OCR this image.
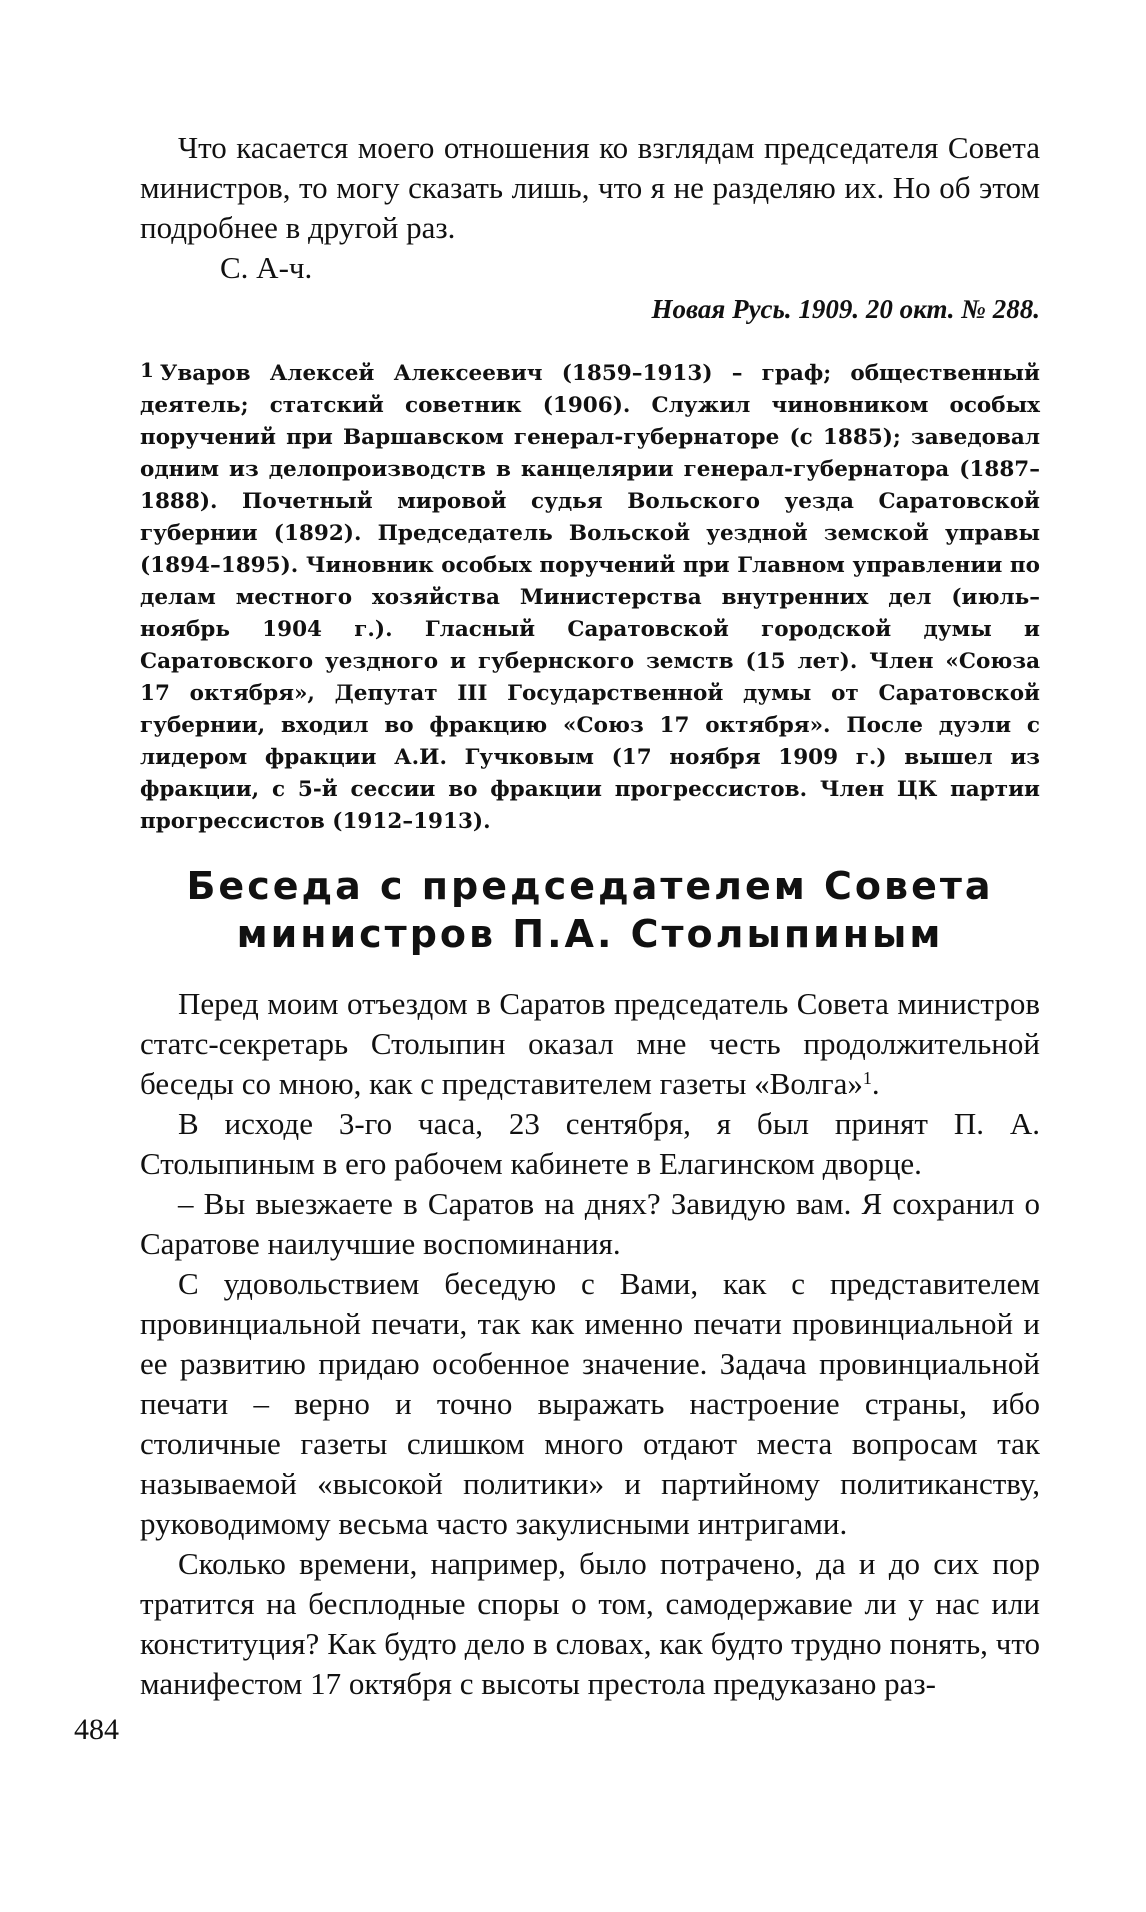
Что касается моего отношения ко взглядам председателя Совета министров, то могу сказать лишь, что я не разделяю их. Но об этом подробнее в другой раз.

С. А-ч.

Новая Русь. 1909. 20 окт. № 288.
$^1$ Уваров Алексей Алексеевич (1859–1913) – граф; общественный деятель; статский советник (1906). Служил чиновником особых поручений при Варшавском генерал-губернаторе (с 1885); заведовал одним из делопроизводств в канцелярии генерал-губернатора (1887–1888). Почетный мировой судья Вольского уезда Саратовской губернии (1892). Председатель Вольской уездной земской управы (1894–1895). Чиновник особых поручений при Главном управлении по делам местного хозяйства Министерства внутренних дел (июль–ноябрь 1904 г.). Гласный Саратовской городской думы и Саратовского уездного и губернского земств (15 лет). Член «Союза 17 октября», Депутат III Государственной думы от Саратовской губернии, входил во фракцию «Союз 17 октября». После дуэли с лидером фракции А.И. Гучковым (17 ноября 1909 г.) вышел из фракции, с 5-й сессии во фракции прогрессистов. Член ЦК партии прогрессистов (1912–1913).
Беседа с председателем Совета
министров П.А. Столыпиным

Перед моим отъездом в Саратов председатель Совета министров статс-секретарь Столыпин оказал мне честь продолжительной беседы со мною, как с представителем газеты «Волга»$^1$.

В исходе 3-го часа, 23 сентября, я был принят П. А. Столыпиным в его рабочем кабинете в Елагинском дворце.

– Вы выезжаете в Саратов на днях? Завидую вам. Я сохранил о Саратове наилучшие воспоминания.

С удовольствием беседую с Вами, как с представителем провинциальной печати, так как именно печати провинциальной и ее развитию придаю особенное значение. Задача провинциальной печати – верно и точно выражать настроение страны, ибо столичные газеты слишком много отдают места вопросам так называемой «высокой политики» и партийному политиканству, руководимому весьма часто закулисными интригами.

Сколько времени, например, было потрачено, да и до сих пор тратится на бесплодные споры о том, самодержавие ли у нас или конституция? Как будто дело в словах, как будто трудно понять, что манифестом 17 октября с высоты престола предуказано раз-

484
